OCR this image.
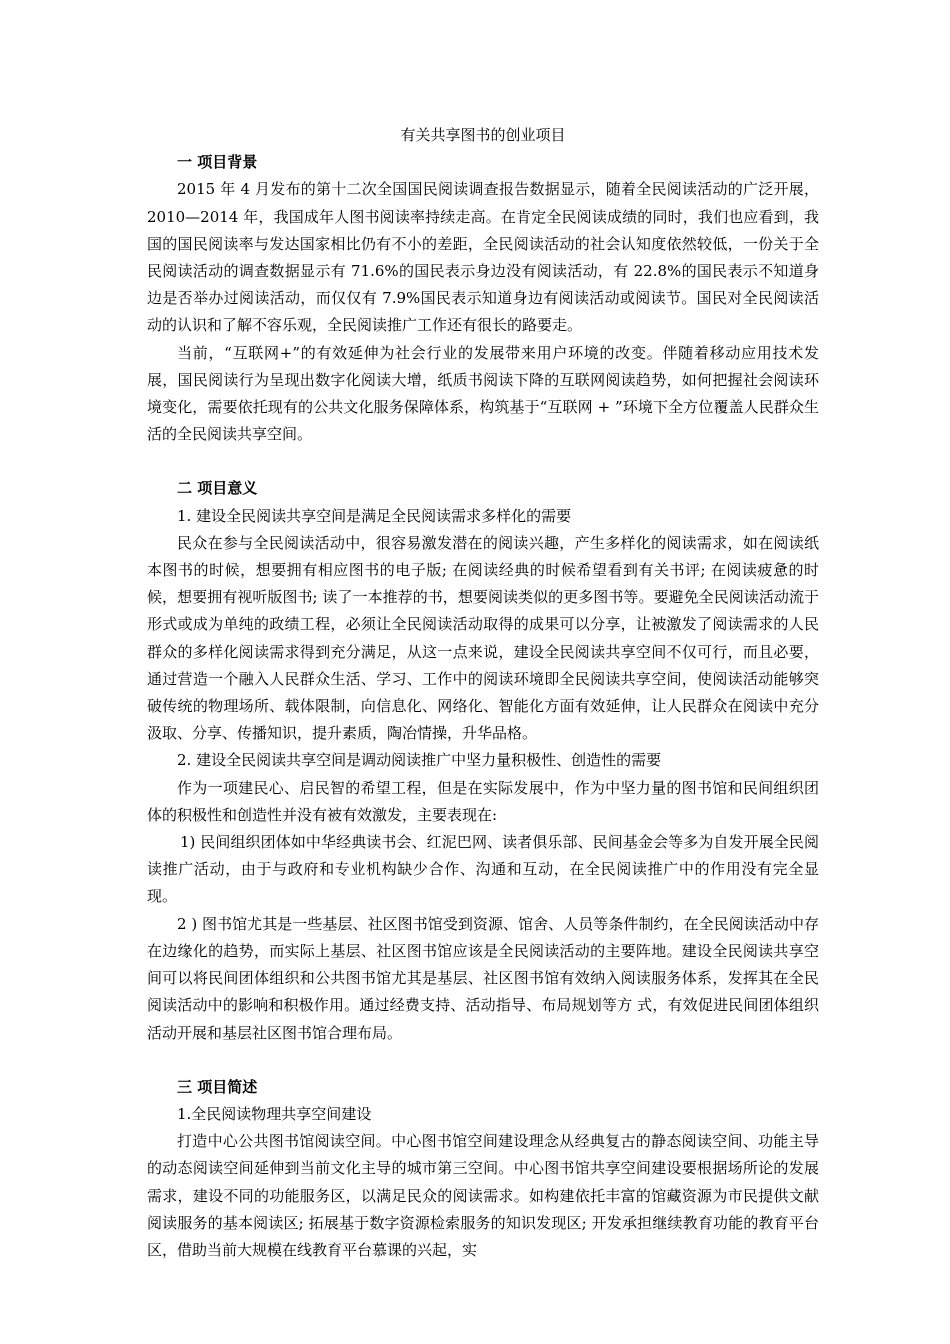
有关共享图书的创业项目

一 项目背景

2015 年 4 月发布的第十二次全国国民阅读调查报告数据显示，随着全民阅读活动的广泛开展，2010—2014 年，我国成年人图书阅读率持续走高。在肯定全民阅读成绩的同时，我们也应看到，我国的国民阅读率与发达国家相比仍有不小的差距，全民阅读活动的社会认知度依然较低，一份关于全民阅读活动的调查数据显示有 71.6%的国民表示身边没有阅读活动，有 22.8%的国民表示不知道身边是否举办过阅读活动，而仅仅有 7.9%国民表示知道身边有阅读活动或阅读节。国民对全民阅读活动的认识和了解不容乐观，全民阅读推广工作还有很长的路要走。

当前，“互联网+”的有效延伸为社会行业的发展带来用户环境的改变。伴随着移动应用技术发展，国民阅读行为呈现出数字化阅读大增，纸质书阅读下降的互联网阅读趋势，如何把握社会阅读环境变化，需要依托现有的公共文化服务保障体系，构筑基于“互联网 + ”环境下全方位覆盖人民群众生活的全民阅读共享空间。

二 项目意义

1. 建设全民阅读共享空间是满足全民阅读需求多样化的需要

民众在参与全民阅读活动中，很容易激发潜在的阅读兴趣，产生多样化的阅读需求，如在阅读纸本图书的时候，想要拥有相应图书的电子版; 在阅读经典的时候希望看到有关书评; 在阅读疲惫的时候，想要拥有视听版图书; 读了一本推荐的书，想要阅读类似的更多图书等。要避免全民阅读活动流于形式或成为单纯的政绩工程，必须让全民阅读活动取得的成果可以分享，让被激发了阅读需求的人民群众的多样化阅读需求得到充分满足，从这一点来说，建设全民阅读共享空间不仅可行，而且必要，通过营造一个融入人民群众生活、学习、工作中的阅读环境即全民阅读共享空间，使阅读活动能够突破传统的物理场所、载体限制，向信息化、网络化、智能化方面有效延伸，让人民群众在阅读中充分汲取、分享、传播知识，提升素质，陶冶情操，升华品格。

2. 建设全民阅读共享空间是调动阅读推广中坚力量积极性、创造性的需要

作为一项建民心、启民智的希望工程，但是在实际发展中，作为中坚力量的图书馆和民间组织团体的积极性和创造性并没有被有效激发，主要表现在:

1) 民间组织团体如中华经典读书会、红泥巴网、读者俱乐部、民间基金会等多为自发开展全民阅读推广活动，由于与政府和专业机构缺少合作、沟通和互动，在全民阅读推广中的作用没有完全显现。

2 ) 图书馆尤其是一些基层、社区图书馆受到资源、馆舍、人员等条件制约，在全民阅读活动中存在边缘化的趋势，而实际上基层、社区图书馆应该是全民阅读活动的主要阵地。建设全民阅读共享空间可以将民间团体组织和公共图书馆尤其是基层、社区图书馆有效纳入阅读服务体系，发挥其在全民阅读活动中的影响和积极作用。通过经费支持、活动指导、布局规划等方 式，有效促进民间团体组织活动开展和基层社区图书馆合理布局。

三 项目简述

1.全民阅读物理共享空间建设

打造中心公共图书馆阅读空间。中心图书馆空间建设理念从经典复古的静态阅读空间、功能主导的动态阅读空间延伸到当前文化主导的城市第三空间。中心图书馆共享空间建设要根据场所论的发展需求，建设不同的功能服务区，以满足民众的阅读需求。如构建依托丰富的馆藏资源为市民提供文献阅读服务的基本阅读区; 拓展基于数字资源检索服务的知识发现区; 开发承担继续教育功能的教育平台区，借助当前大规模在线教育平台慕课的兴起，实
